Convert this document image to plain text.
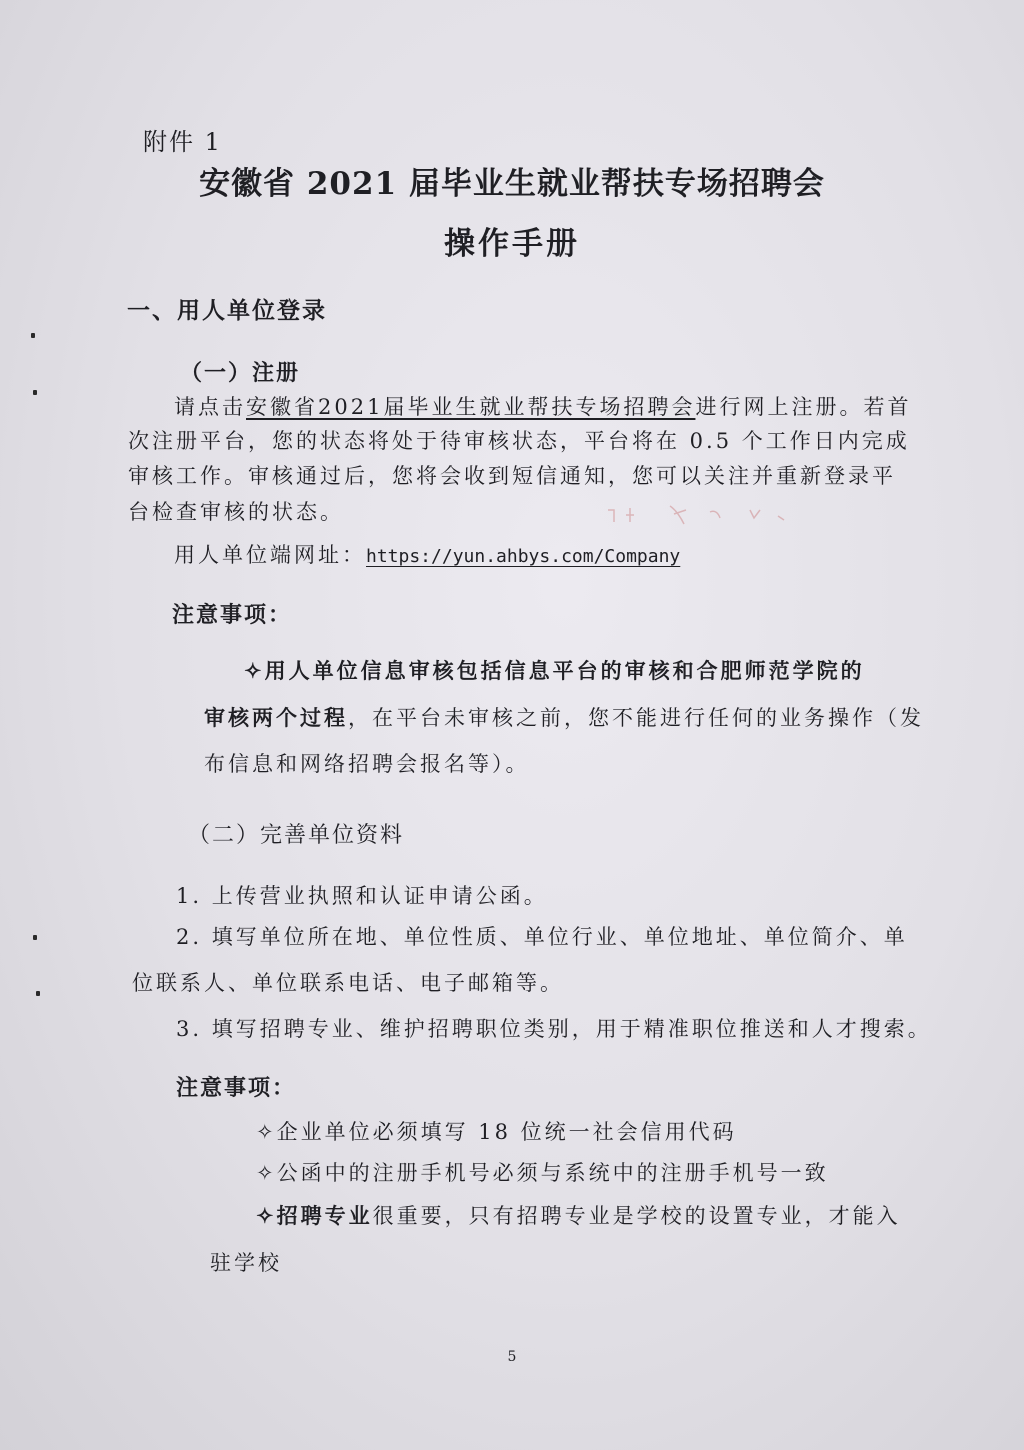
附件 1
安徽省 2021 届毕业生就业帮扶专场招聘会
操作手册
一、用人单位登录
（一）注册
请点击安徽省2021届毕业生就业帮扶专场招聘会进行网上注册。若首
次注册平台，您的状态将处于待审核状态，平台将在 0.5 个工作日内完成
审核工作。审核通过后，您将会收到短信通知，您可以关注并重新登录平
台检查审核的状态。
用人单位端网址：https://yun.ahbys.com/Company
注意事项：
✧用人单位信息审核包括信息平台的审核和合肥师范学院的
审核两个过程，在平台未审核之前，您不能进行任何的业务操作（发
布信息和网络招聘会报名等）。
（二）完善单位资料
1. 上传营业执照和认证申请公函。
2. 填写单位所在地、单位性质、单位行业、单位地址、单位简介、单
位联系人、单位联系电话、电子邮箱等。
3. 填写招聘专业、维护招聘职位类别，用于精准职位推送和人才搜索。
注意事项：
✧企业单位必须填写 18 位统一社会信用代码
✧公函中的注册手机号必须与系统中的注册手机号一致
✧招聘专业很重要，只有招聘专业是学校的设置专业，才能入
驻学校
5
